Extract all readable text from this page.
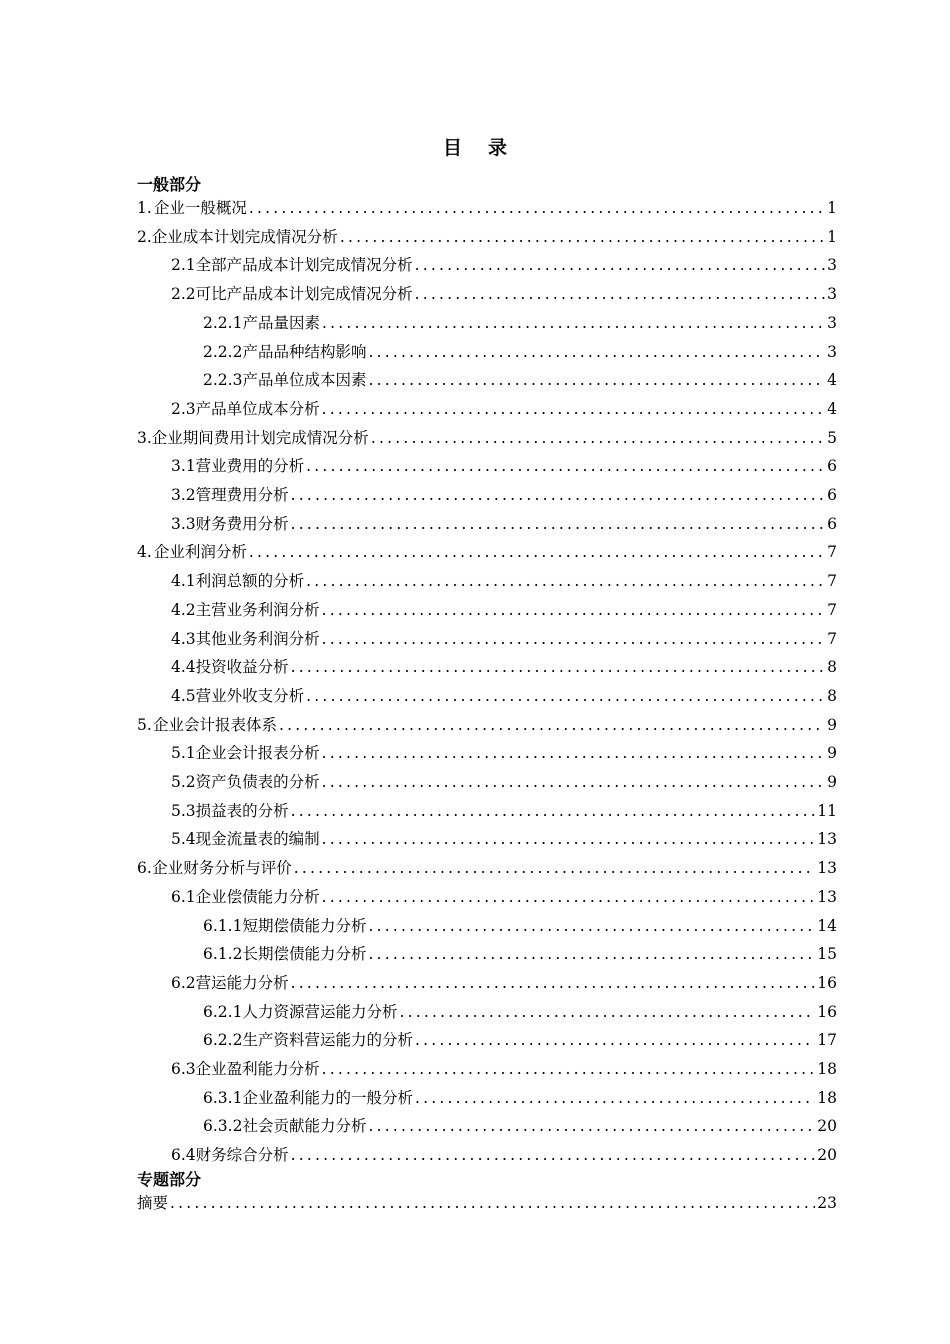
目 录
一般部分
1. 企业一般概况 .....	1
2. 企业成本计划完成情况分析 .....	1
2.1 全部产品成本计划完成情况分析 .....	3
2.2 可比产品成本计划完成情况分析 .....	3
2.2.1 产品量因素 .....	3
2.2.2 产品品种结构影响 .....	3
2.2.3 产品单位成本因素 .....	4
2.3 产品单位成本分析 .....	4
3. 企业期间费用计划完成情况分析 .....	5
3.1 营业费用的分析 .....	6
3.2 管理费用分析 .....	6
3.3 财务费用分析 .....	6
4. 企业利润分析 .....	7
4.1 利润总额的分析 .....	7
4.2 主营业务利润分析 .....	7
4.3 其他业务利润分析 .....	7
4.4 投资收益分析 .....	8
4.5 营业外收支分析 .....	8
5. 企业会计报表体系 .....	9
5.1 企业会计报表分析 .....	9
5.2 资产负债表的分析 .....	9
5.3 损益表的分析 .....	11
5.4 现金流量表的编制 .....	13
6. 企业财务分析与评价 .....	13
6.1 企业偿债能力分析 .....	13
6.1.1 短期偿债能力分析 .....	14
6.1.2 长期偿债能力分析 .....	15
6.2 营运能力分析 .....	16
6.2.1 人力资源营运能力分析 .....	16
6.2.2 生产资料营运能力的分析 .....	17
6.3 企业盈利能力分析 .....	18
6.3.1 企业盈利能力的一般分析 .....	18
6.3.2 社会贡献能力分析 .....	20
6.4 财务综合分析 .....	20
专题部分
摘要 .....	23
